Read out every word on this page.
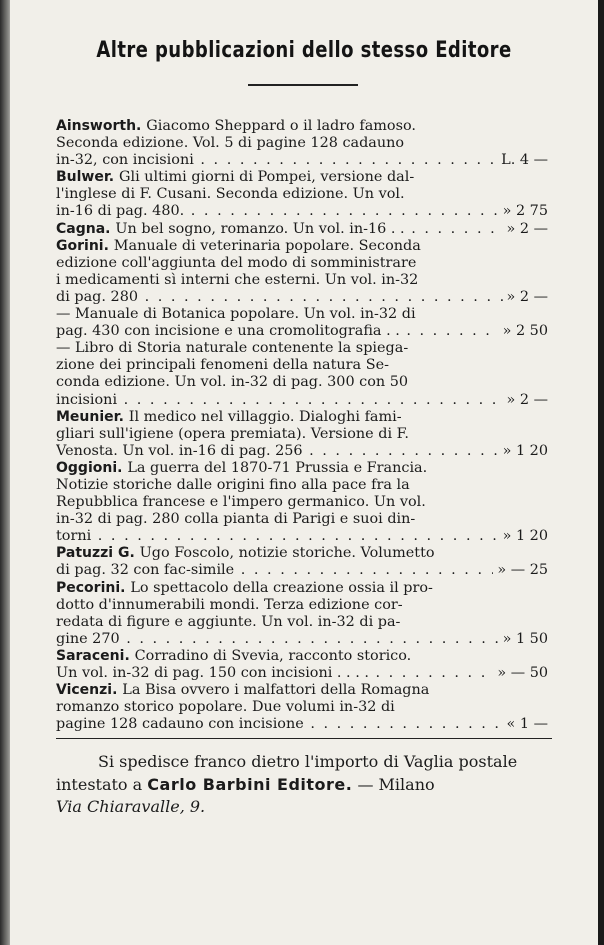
Altre pubblicazioni dello stesso Editore
Ainsworth. Giacomo Sheppard o il ladro famoso.
Seconda edizione. Vol. 5 di pagine 128 cadauno
in-32, con incisioni . . .	L. 4 —
Bulwer. Gli ultimi giorni di Pompei, versione dal-
l'inglese di F. Cusani. Seconda edizione. Un vol.
in-16 di pag. 480. . . .	» 2 75
Cagna. Un bel sogno, romanzo. Un vol. in-16 . . . . .	» 2 —
Gorini. Manuale di veterinaria popolare. Seconda
edizione coll'aggiunta del modo di somministrare
i medicamenti sì interni che esterni. Un vol. in-32
di pag. 280 . . .	» 2 —
— Manuale di Botanica popolare. Un vol. in-32 di
pag. 430 con incisione e una cromolitografia . . . . .	» 2 50
— Libro di Storia naturale contenente la spiega-
zione dei principali fenomeni della natura Se-
conda edizione. Un vol. in-32 di pag. 300 con 50
incisioni . . .	» 2 —
Meunier. Il medico nel villaggio. Dialoghi fami-
gliari sull'igiene (opera premiata). Versione di F.
Venosta. Un vol. in-16 di pag. 256 . . .	» 1 20
Oggioni. La guerra del 1870-71 Prussia e Francia.
Notizie storiche dalle origini fino alla pace fra la
Repubblica francese e l'impero germanico. Un vol.
in-32 di pag. 280 colla pianta di Parigi e suoi din-
torni . . .	» 1 20
Patuzzi G. Ugo Foscolo, notizie storiche. Volumetto
di pag. 32 con fac-simile . . .	» — 25
Pecorini. Lo spettacolo della creazione ossia il pro-
dotto d'innumerabili mondi. Terza edizione cor-
redata di figure e aggiunte. Un vol. in-32 di pa-
gine 270 . . .	» 1 50
Saraceni. Corradino di Svevia, racconto storico.
Un vol. in-32 di pag. 150 con incisioni . . . . . . .	» — 50
Vicenzi. La Bisa ovvero i malfattori della Romagna
romanzo storico popolare. Due volumi in-32 di
pagine 128 cadauno con incisione . . .	« 1 —
Si spedisce franco dietro l'importo di Vaglia postale
intestato a Carlo Barbini Editore. — Milano
Via Chiaravalle, 9.
